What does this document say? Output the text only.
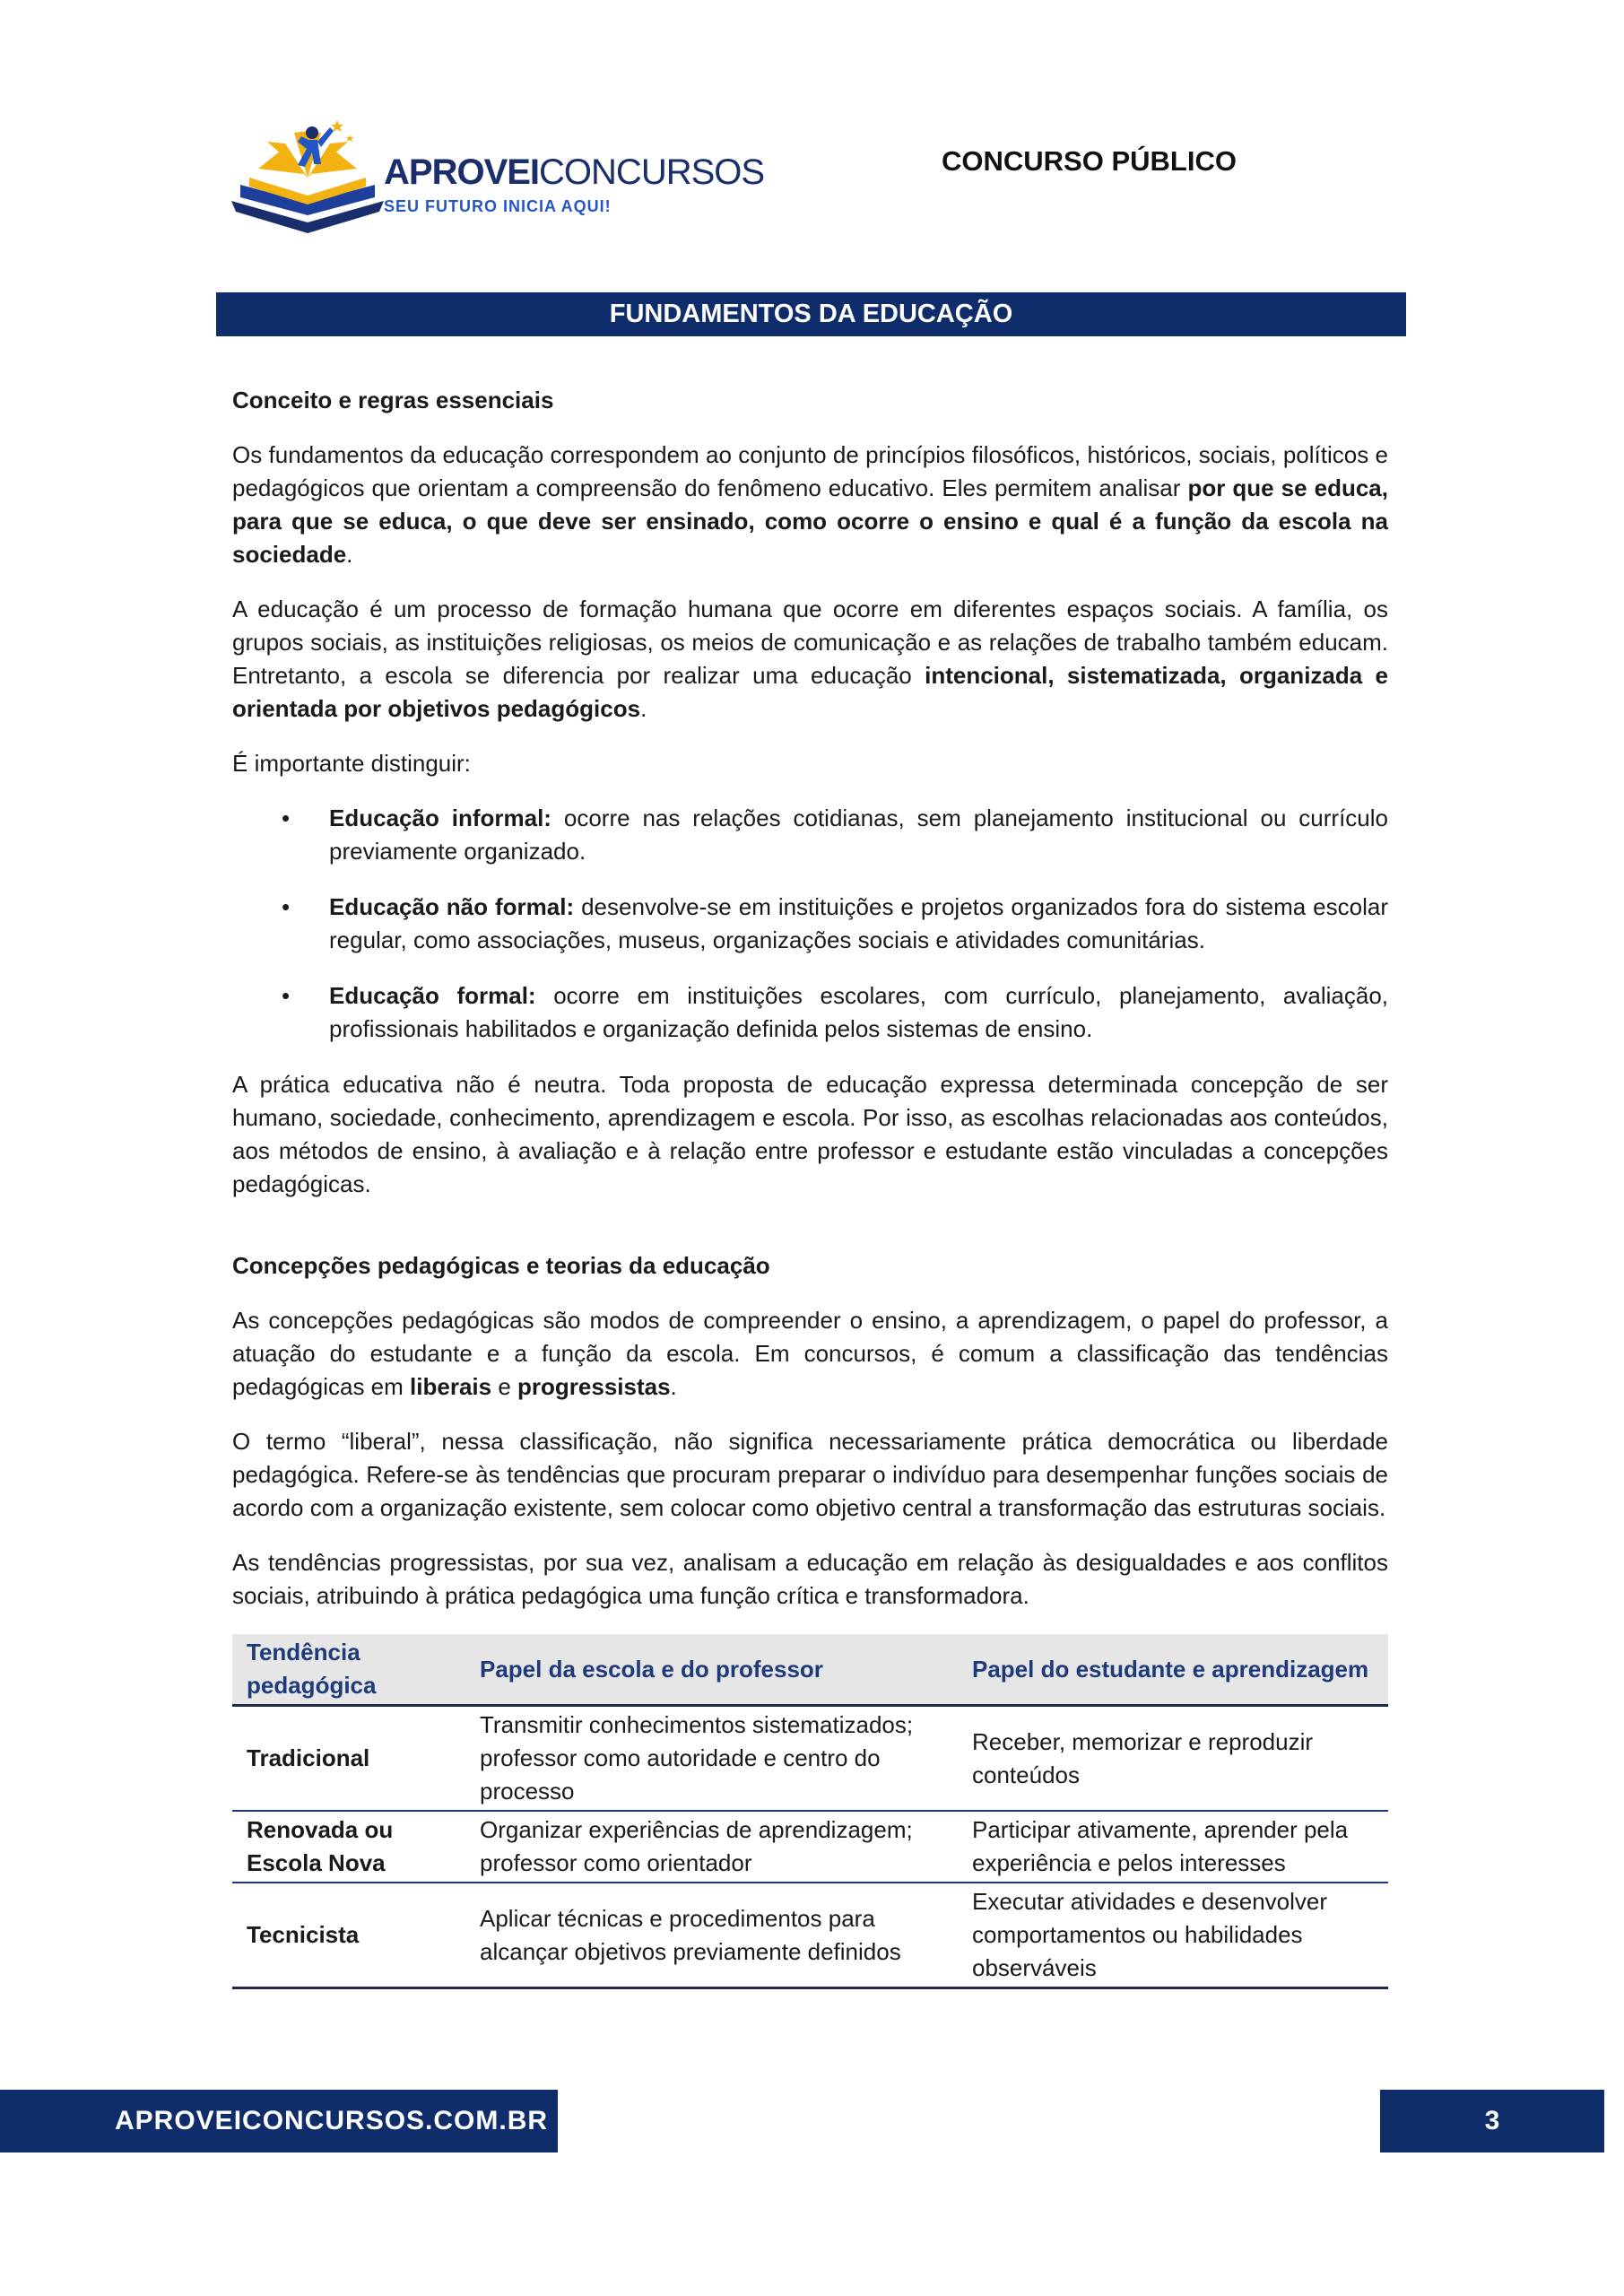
APROVEICONCURSOS
SEU FUTURO INICIA AQUI!
CONCURSO PÚBLICO
FUNDAMENTOS DA EDUCAÇÃO
Conceito e regras essenciais

Os fundamentos da educação correspondem ao conjunto de princípios filosóficos, históricos, sociais, políticos e pedagógicos que orientam a compreensão do fenômeno educativo. Eles permitem analisar por que se educa, para que se educa, o que deve ser ensinado, como ocorre o ensino e qual é a função da escola na sociedade.

A educação é um processo de formação humana que ocorre em diferentes espaços sociais. A família, os grupos sociais, as instituições religiosas, os meios de comunicação e as relações de trabalho também educam. Entretanto, a escola se diferencia por realizar uma educação intencional, sistematizada, organizada e orientada por objetivos pedagógicos.

É importante distinguir:

• Educação informal: ocorre nas relações cotidianas, sem planejamento institucional ou currículo previamente organizado.
• Educação não formal: desenvolve-se em instituições e projetos organizados fora do sistema escolar regular, como associações, museus, organizações sociais e atividades comunitárias.
• Educação formal: ocorre em instituições escolares, com currículo, planejamento, avaliação, profissionais habilitados e organização definida pelos sistemas de ensino.

A prática educativa não é neutra. Toda proposta de educação expressa determinada concepção de ser humano, sociedade, conhecimento, aprendizagem e escola. Por isso, as escolhas relacionadas aos conteúdos, aos métodos de ensino, à avaliação e à relação entre professor e estudante estão vinculadas a concepções pedagógicas.

Concepções pedagógicas e teorias da educação

As concepções pedagógicas são modos de compreender o ensino, a aprendizagem, o papel do professor, a atuação do estudante e a função da escola. Em concursos, é comum a classificação das tendências pedagógicas em liberais e progressistas.

O termo “liberal”, nessa classificação, não significa necessariamente prática democrática ou liberdade pedagógica. Refere-se às tendências que procuram preparar o indivíduo para desempenhar funções sociais de acordo com a organização existente, sem colocar como objetivo central a transformação das estruturas sociais.

As tendências progressistas, por sua vez, analisam a educação em relação às desigualdades e aos conflitos sociais, atribuindo à prática pedagógica uma função crítica e transformadora.

Tendência pedagógica	Papel da escola e do professor	Papel do estudante e aprendizagem
Tradicional	Transmitir conhecimentos sistematizados; professor como autoridade e centro do processo	Receber, memorizar e reproduzir conteúdos
Renovada ou Escola Nova	Organizar experiências de aprendizagem; professor como orientador	Participar ativamente, aprender pela experiência e pelos interesses
Tecnicista	Aplicar técnicas e procedimentos para alcançar objetivos previamente definidos	Executar atividades e desenvolver comportamentos ou habilidades observáveis
APROVEICONCURSOS.COM.BR	3
